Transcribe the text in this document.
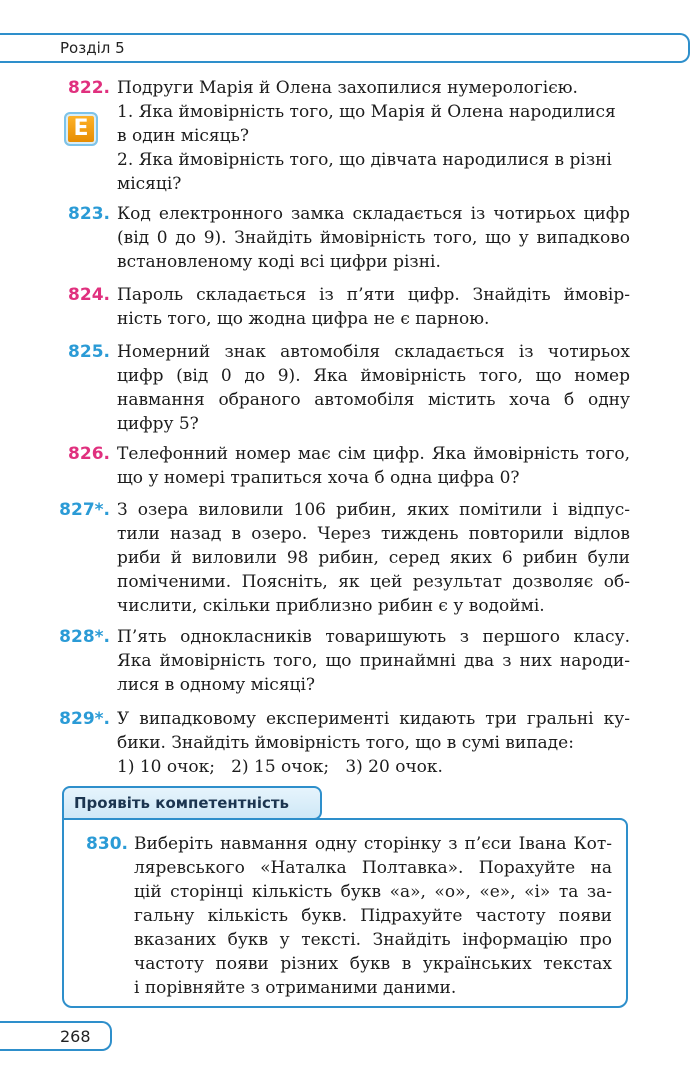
Розділ 5
Е
822. Подруги Марія й Олена захопилися нумерологією.
1. Яка ймовірність того, що Марія й Олена народилися
в один місяць?
2. Яка ймовірність того, що дівчата народилися в різні
місяці?
823. Код електронного замка складається із чотирьох цифр
(від 0 до 9). Знайдіть ймовірність того, що у випадково
встановленому коді всі цифри різні.
824. Пароль складається із п’яти цифр. Знайдіть ймовір-
ність того, що жодна цифра не є парною.
825. Номерний знак автомобіля складається із чотирьох
цифр (від 0 до 9). Яка ймовірність того, що номер
навмання обраного автомобіля містить хоча б одну
цифру 5?
826. Телефонний номер має сім цифр. Яка ймовірність того,
що у номері трапиться хоча б одна цифра 0?
827*. З озера виловили 106 рибин, яких помітили і відпус-
тили назад в озеро. Через тиждень повторили відлов
риби й виловили 98 рибин, серед яких 6 рибин були
поміченими. Поясніть, як цей результат дозволяє об-
числити, скільки приблизно рибин є у водоймі.
828*. П’ять однокласників товаришують з першого класу.
Яка ймовірність того, що принаймні два з них народи-
лися в одному місяці?
829*. У випадковому експерименті кидають три гральні ку-
бики. Знайдіть ймовірність того, що в сумі випаде:
1) 10 очок;   2) 15 очок;   3) 20 очок.
Проявіть компетентність
830. Виберіть навмання одну сторінку з п’єси Івана Кот-
ляревського «Наталка Полтавка». Порахуйте на
цій сторінці кількість букв «а», «о», «е», «і» та за-
гальну кількість букв. Підрахуйте частоту появи
вказаних букв у тексті. Знайдіть інформацію про
частоту появи різних букв в українських текстах
і порівняйте з отриманими даними.
268
